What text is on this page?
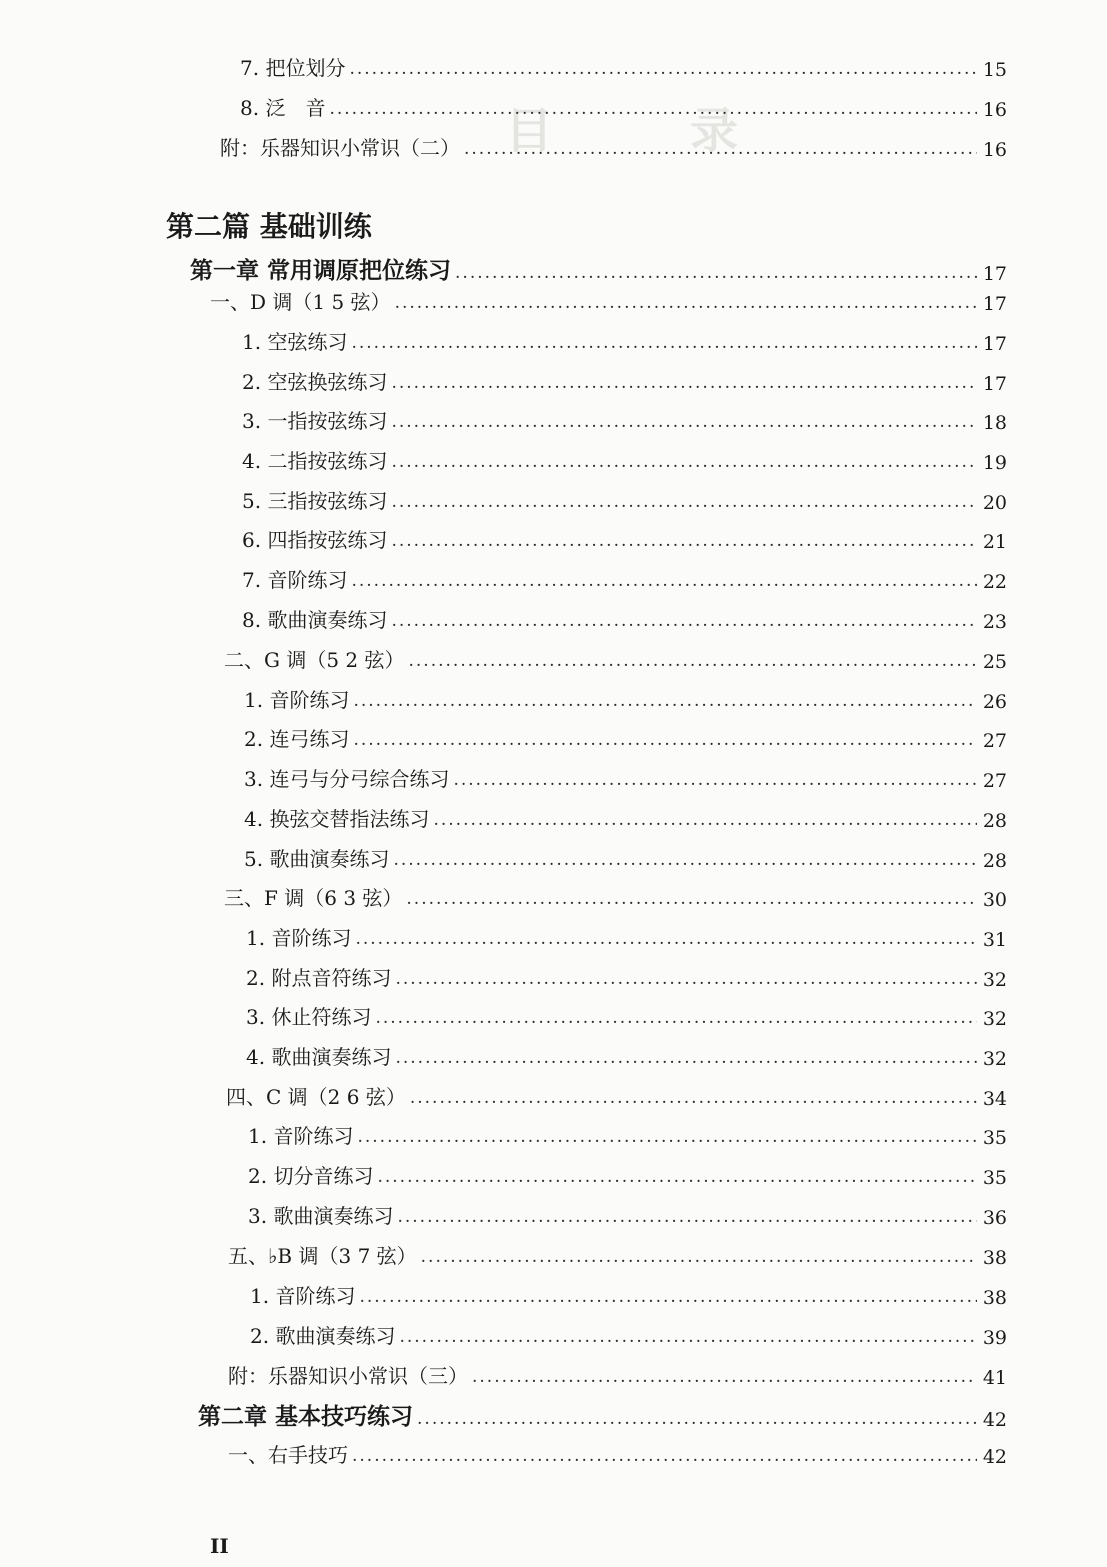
目	录
7. 把位划分 .....	15
8. 泛　音 .....	16
附：乐器知识小常识（二） .....	16
第二篇 基础训练
第一章 常用调原把位练习 .....	17
一、D 调（1 5 弦） .....	17
1. 空弦练习 .....	17
2. 空弦换弦练习 .....	17
3. 一指按弦练习 .....	18
4. 二指按弦练习 .....	19
5. 三指按弦练习 .....	20
6. 四指按弦练习 .....	21
7. 音阶练习 .....	22
8. 歌曲演奏练习 .....	23
二、G 调（5 2 弦） .....	25
1. 音阶练习 .....	26
2. 连弓练习 .....	27
3. 连弓与分弓综合练习 .....	27
4. 换弦交替指法练习 .....	28
5. 歌曲演奏练习 .....	28
三、F 调（6 3 弦） .....	30
1. 音阶练习 .....	31
2. 附点音符练习 .....	32
3. 休止符练习 .....	32
4. 歌曲演奏练习 .....	32
四、C 调（2 6 弦） .....	34
1. 音阶练习 .....	35
2. 切分音练习 .....	35
3. 歌曲演奏练习 .....	36
五、♭B 调（3 7 弦） .....	38
1. 音阶练习 .....	38
2. 歌曲演奏练习 .....	39
附：乐器知识小常识（三） .....	41
第二章 基本技巧练习 .....	42
一、右手技巧 .....	42
II
